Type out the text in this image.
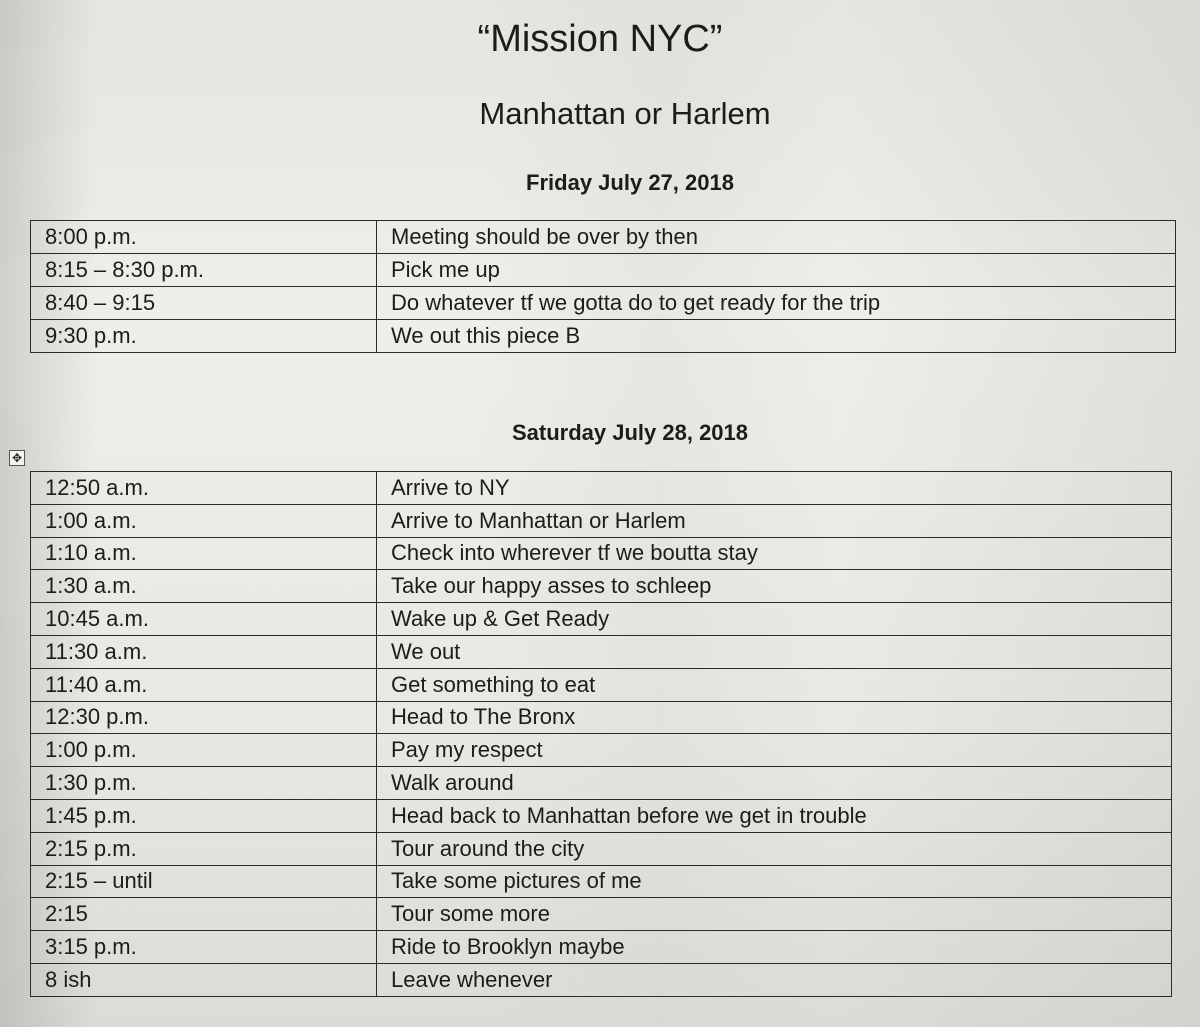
“Mission NYC”
Manhattan or Harlem
Friday July 27, 2018
8:00 p.m.	Meeting should be over by then
8:15 – 8:30 p.m.	Pick me up
8:40 – 9:15	Do whatever tf we gotta do to get ready for the trip
9:30 p.m.	We out this piece B
Saturday July 28, 2018
✥
12:50 a.m.	Arrive to NY
1:00 a.m.	Arrive to Manhattan or Harlem
1:10 a.m.	Check into wherever tf we boutta stay
1:30 a.m.	Take our happy asses to schleep
10:45 a.m.	Wake up & Get Ready
11:30 a.m.	We out
11:40 a.m.	Get something to eat
12:30 p.m.	Head to The Bronx
1:00 p.m.	Pay my respect
1:30 p.m.	Walk around
1:45 p.m.	Head back to Manhattan before we get in trouble
2:15 p.m.	Tour around the city
2:15 – until	Take some pictures of me
2:15	Tour some more
3:15 p.m.	Ride to Brooklyn maybe
8 ish	Leave whenever
